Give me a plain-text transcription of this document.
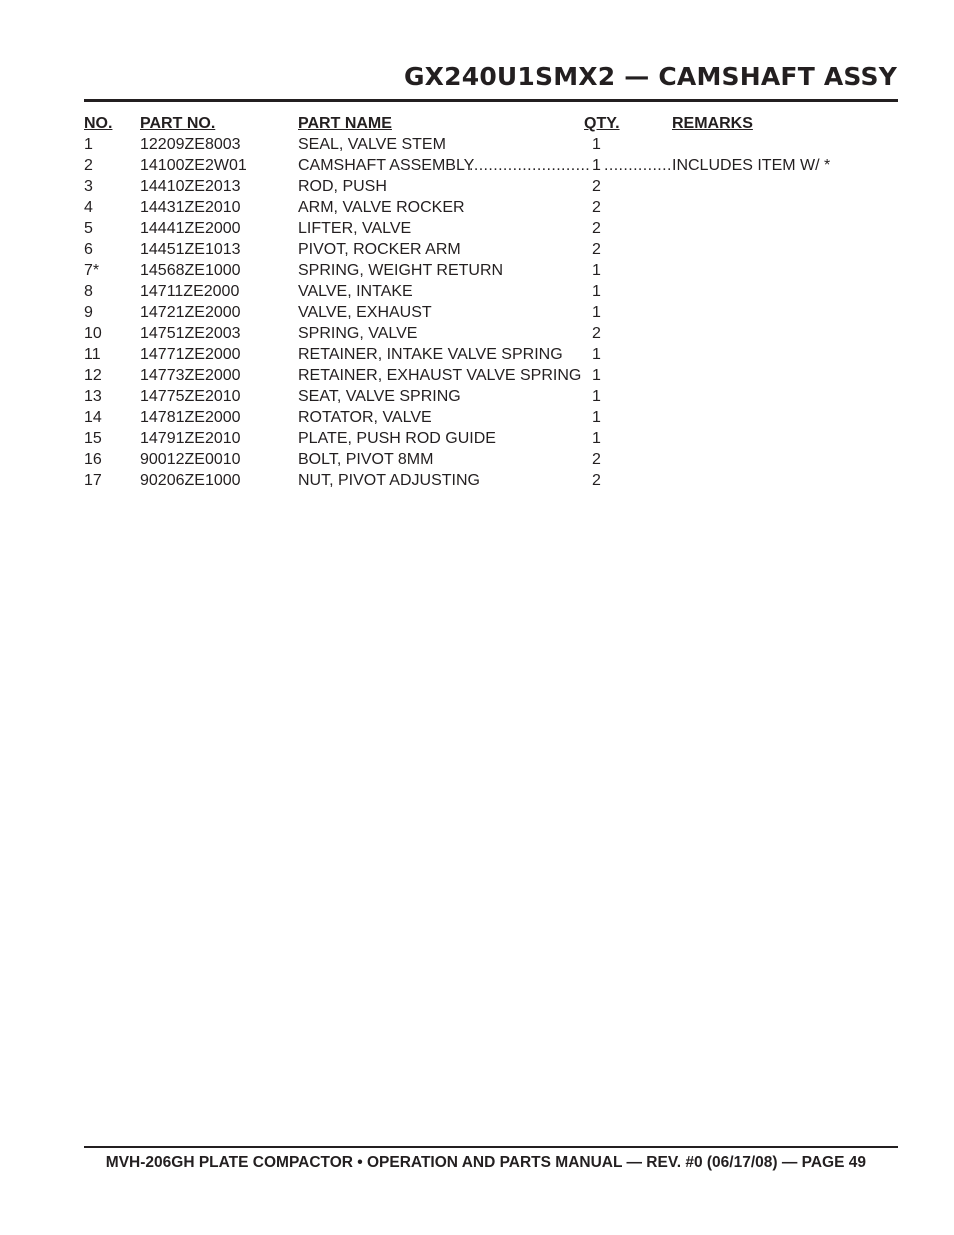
GX240U1SMX2 — CAMSHAFT ASSY
NO. PART NO.	PART NAME	QTY.	REMARKS
1	12209ZE8003	SEAL, VALVE STEM	1
2	14100ZE2W01	CAMSHAFT ASSEMBLY	1 ..... .....	INCLUDES ITEM W/ *
3	14410ZE2013	ROD, PUSH	2
4	14431ZE2010	ARM, VALVE ROCKER	2
5	14441ZE2000	LIFTER, VALVE	2
6	14451ZE1013	PIVOT, ROCKER ARM	2
7*	14568ZE1000	SPRING, WEIGHT RETURN	1
8	14711ZE2000	VALVE, INTAKE	1
9	14721ZE2000	VALVE, EXHAUST	1
10 14751ZE2003	SPRING, VALVE	2
11 14771ZE2000	RETAINER, INTAKE VALVE SPRING 1
12 14773ZE2000	RETAINER, EXHAUST VALVE SPRING 1
13 14775ZE2010	SEAT, VALVE SPRING	1
14 14781ZE2000	ROTATOR, VALVE	1
15 14791ZE2010	PLATE, PUSH ROD GUIDE	1
16 90012ZE0010	BOLT, PIVOT 8MM	2
17 90206ZE1000	NUT, PIVOT ADJUSTING	2

MVH-206GH PLATE COMPACTOR • OPERATION AND PARTS MANUAL — REV. #0 (06/17/08) — PAGE 49
